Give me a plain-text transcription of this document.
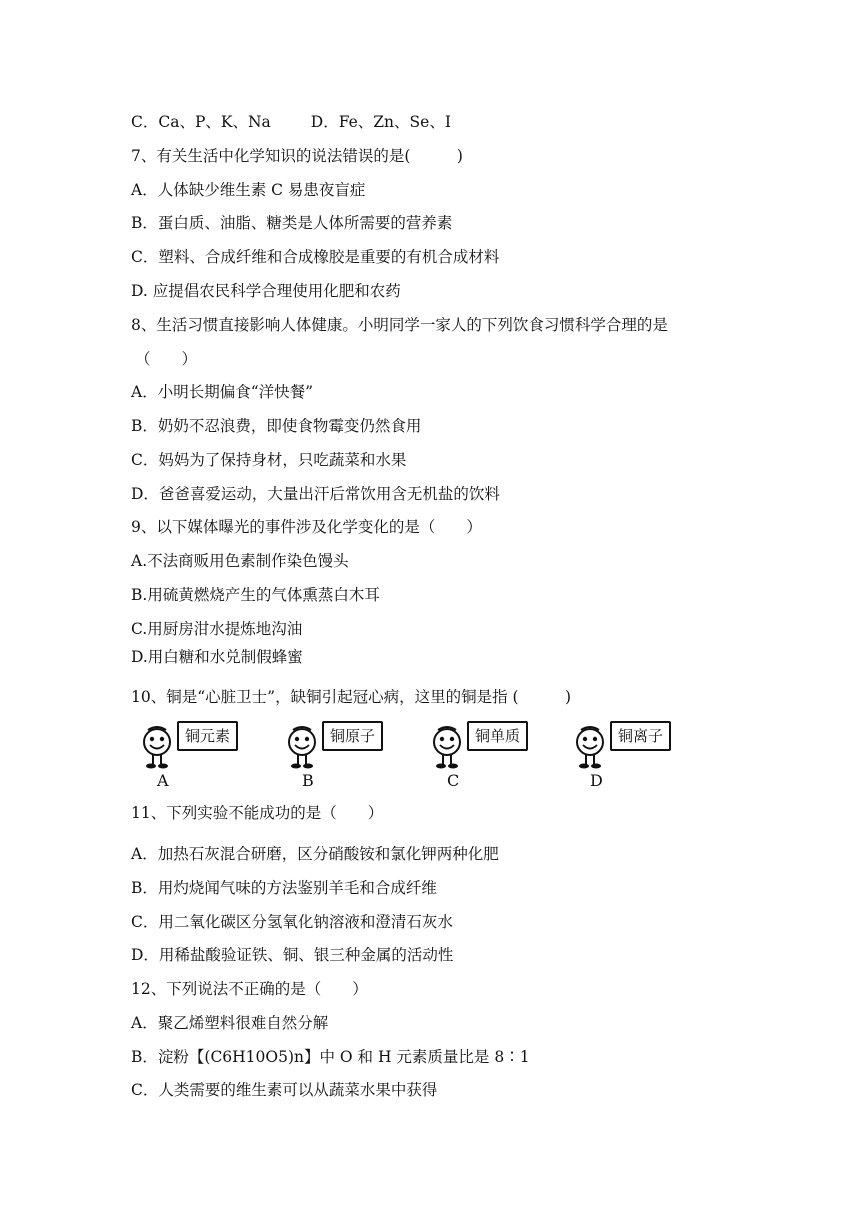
C．Ca、P、K、Na	D．Fe、Zn、Se、I
7、有关生活中化学知识的说法错误的是(　　　)
A．人体缺少维生素 C 易患夜盲症
B．蛋白质、油脂、糖类是人体所需要的营养素
C．塑料、合成纤维和合成橡胶是重要的有机合成材料
D. 应提倡农民科学合理使用化肥和农药
8、生活习惯直接影响人体健康。小明同学一家人的下列饮食习惯科学合理的是
（　　）
A．小明长期偏食“洋快餐”
B．奶奶不忍浪费，即使食物霉变仍然食用
C．妈妈为了保持身材，只吃蔬菜和水果
D．爸爸喜爱运动，大量出汗后常饮用含无机盐的饮料
9、以下媒体曝光的事件涉及化学变化的是（　　）
A.不法商贩用色素制作染色馒头
B.用硫黄燃烧产生的气体熏蒸白木耳
C.用厨房泔水提炼地沟油
D.用白糖和水兑制假蜂蜜
10、铜是“心脏卫士”，缺铜引起冠心病，这里的铜是指 (　　　)
铜元素
A
铜原子
B
铜单质
C
铜离子
D
11、下列实验不能成功的是（　　）
A．加热石灰混合研磨，区分硝酸铵和氯化钾两种化肥
B．用灼烧闻气味的方法鉴别羊毛和合成纤维
C．用二氧化碳区分氢氧化钠溶液和澄清石灰水
D．用稀盐酸验证铁、铜、银三种金属的活动性
12、下列说法不正确的是（　　）
A．聚乙烯塑料很难自然分解
B．淀粉【(C6H10O5)n】中 O 和 H 元素质量比是 8∶1
C．人类需要的维生素可以从蔬菜水果中获得
